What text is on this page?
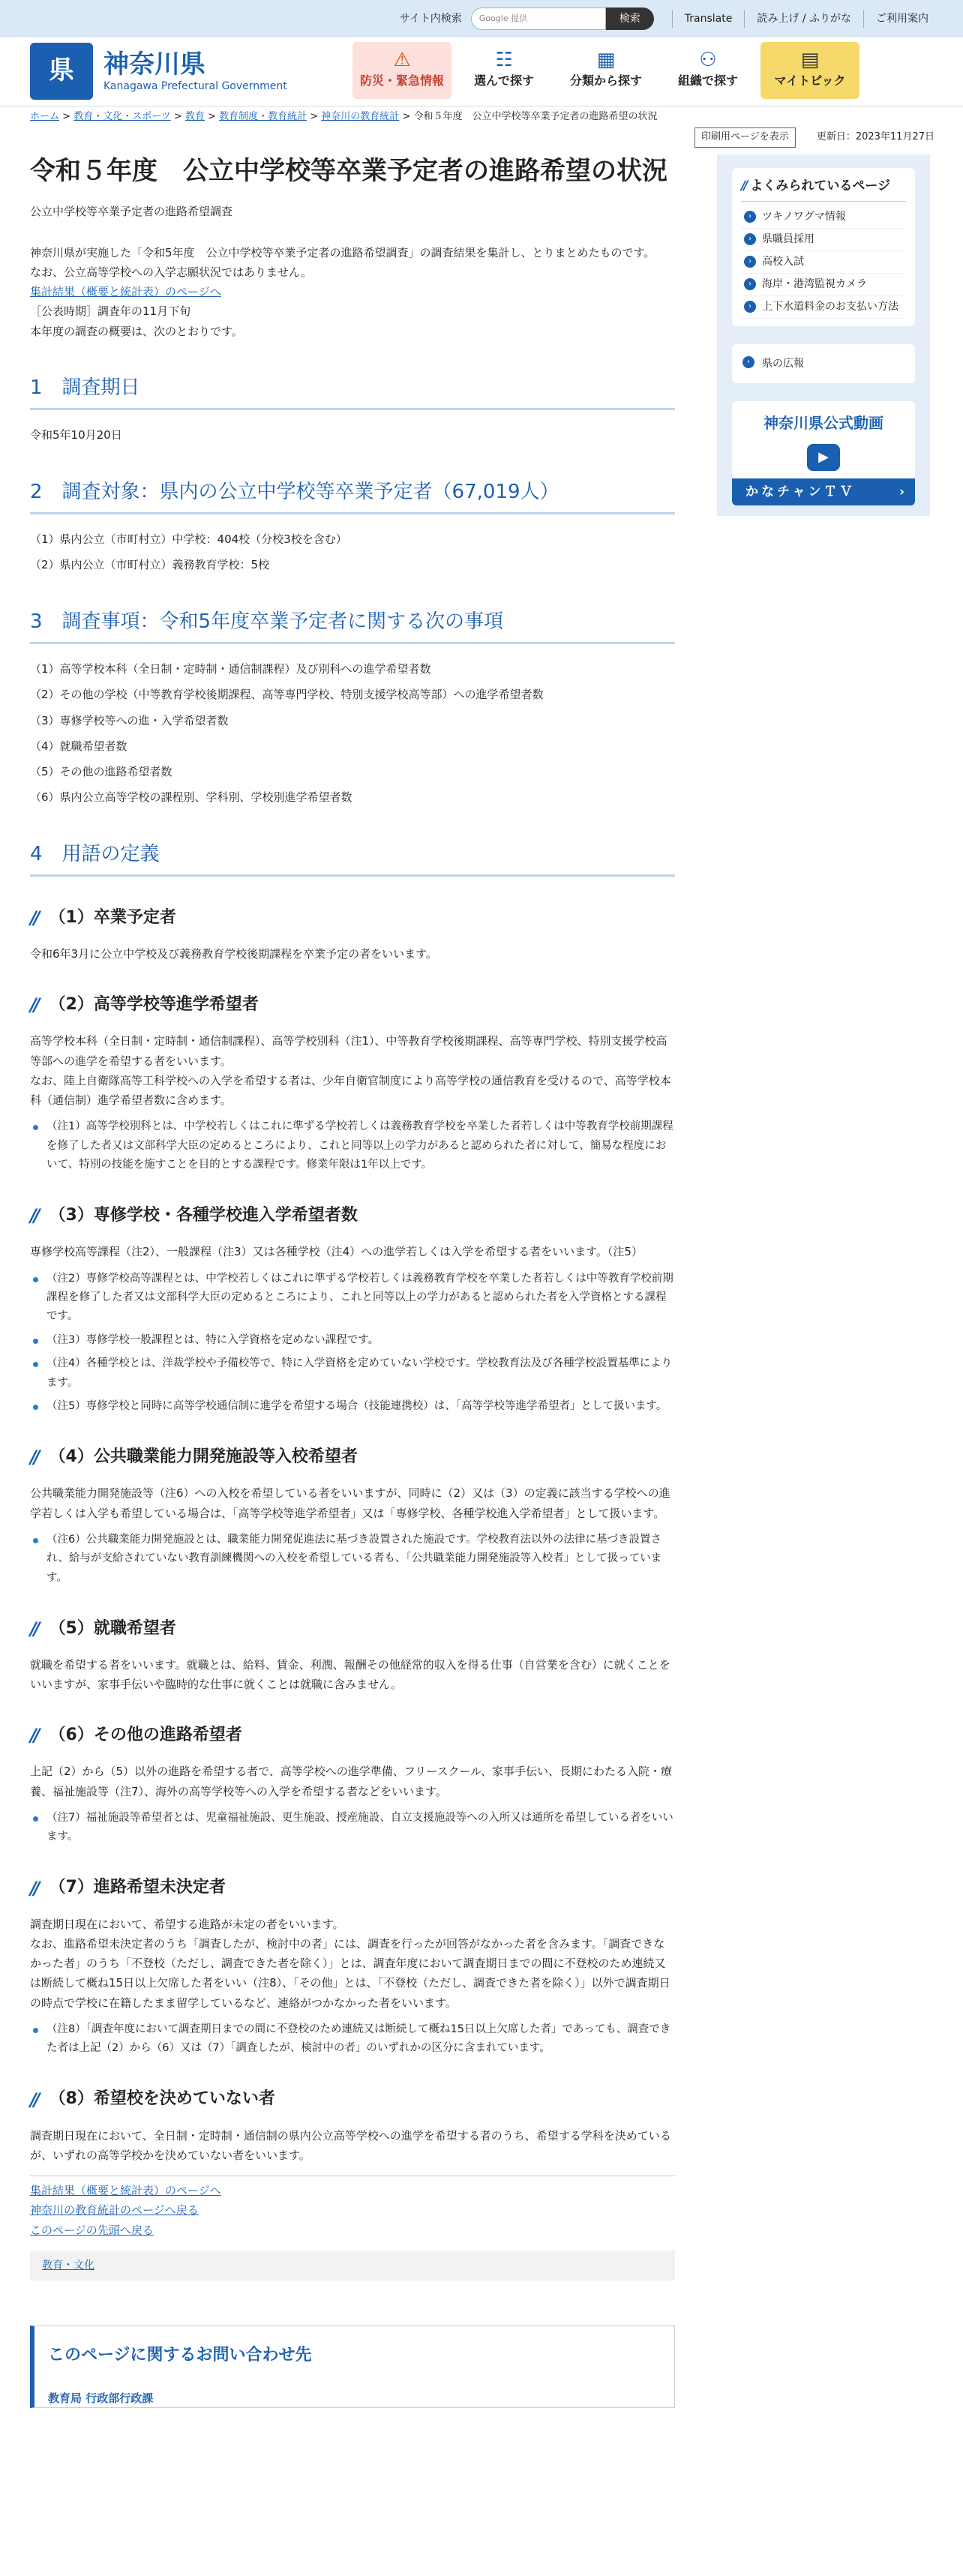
サイト内検索 Google 提供	検索	Translate	読み上げ / ふりがな	ご利用案内
県	神奈川県
Kanagawa Prefectural Government
⚠
防災・緊急情報
☷
選んで探す
▦
分類から探す
⚇
組織で探す
▤
マイトピック
ホーム > 教育・文化・スポーツ > 教育 > 教育制度・教育統計 > 神奈川の教育統計 > 令和５年度　公立中学校等卒業予定者の進路希望の状況
印刷用ページを表示	更新日：2023年11月27日
令和５年度　公立中学校等卒業予定者の進路希望の状況

公立中学校等卒業予定者の進路希望調査

神奈川県が実施した「令和5年度　公立中学校等卒業予定者の進路希望調査」の調査結果を集計し、とりまとめたものです。

なお、公立高等学校への入学志願状況ではありません。

集計結果（概要と統計表）のページへ

［公表時期］調査年の11月下旬

本年度の調査の概要は、次のとおりです。

1 調査期日

令和5年10月20日

2 調査対象：県内の公立中学校等卒業予定者（67,019人）
（1）県内公立（市町村立）中学校：404校（分校3校を含む）
（2）県内公立（市町村立）義務教育学校：5校
3 調査事項：令和5年度卒業予定者に関する次の事項
（1）高等学校本科（全日制・定時制・通信制課程）及び別科への進学希望者数
（2）その他の学校（中等教育学校後期課程、高等専門学校、特別支援学校高等部）への進学希望者数
（3）専修学校等への進・入学希望者数
（4）就職希望者数
（5）その他の進路希望者数
（6）県内公立高等学校の課程別、学科別、学校別進学希望者数
4 用語の定義
// （1）卒業予定者

令和6年3月に公立中学校及び義務教育学校後期課程を卒業予定の者をいいます。

// （2）高等学校等進学希望者

高等学校本科（全日制・定時制・通信制課程）、高等学校別科（注1）、中等教育学校後期課程、高等専門学校、特別支援学校高等部への進学を希望する者をいいます。

なお、陸上自衛隊高等工科学校への入学を希望する者は、少年自衛官制度により高等学校の通信教育を受けるので、高等学校本科（通信制）進学希望者数に含めます。

（注1）高等学校別科とは、中学校若しくはこれに準ずる学校若しくは義務教育学校を卒業した者若しくは中等教育学校前期課程を修了した者又は文部科学大臣の定めるところにより、これと同等以上の学力があると認められた者に対して、簡易な程度において、特別の技能を施すことを目的とする課程です。修業年限は1年以上です。
// （3）専修学校・各種学校進入学希望者数

専修学校高等課程（注2）、一般課程（注3）又は各種学校（注4）への進学若しくは入学を希望する者をいいます。（注5）

（注2）専修学校高等課程とは、中学校若しくはこれに準ずる学校若しくは義務教育学校を卒業した者若しくは中等教育学校前期課程を修了した者又は文部科学大臣の定めるところにより、これと同等以上の学力があると認められた者を入学資格とする課程です。
（注3）専修学校一般課程とは、特に入学資格を定めない課程です。
（注4）各種学校とは、洋裁学校や予備校等で、特に入学資格を定めていない学校です。学校教育法及び各種学校設置基準によります。
（注5）専修学校と同時に高等学校通信制に進学を希望する場合（技能連携校）は、「高等学校等進学希望者」として扱います。
// （4）公共職業能力開発施設等入校希望者

公共職業能力開発施設等（注6）への入校を希望している者をいいますが、同時に（2）又は（3）の定義に該当する学校への進学若しくは入学も希望している場合は、「高等学校等進学希望者」又は「専修学校、各種学校進入学希望者」として扱います。

（注6）公共職業能力開発施設とは、職業能力開発促進法に基づき設置された施設です。学校教育法以外の法律に基づき設置され、給与が支給されていない教育訓練機関への入校を希望している者も、「公共職業能力開発施設等入校者」として扱っています。
// （5）就職希望者

就職を希望する者をいいます。就職とは、給料、賃金、利潤、報酬その他経常的収入を得る仕事（自営業を含む）に就くことをいいますが、家事手伝いや臨時的な仕事に就くことは就職に含みません。

// （6）その他の進路希望者

上記（2）から（5）以外の進路を希望する者で、高等学校への進学準備、フリースクール、家事手伝い、長期にわたる入院・療養、福祉施設等（注7）、海外の高等学校等への入学を希望する者などをいいます。

（注7）福祉施設等希望者とは、児童福祉施設、更生施設、授産施設、自立支援施設等への入所又は通所を希望している者をいいます。
// （7）進路希望未決定者

調査期日現在において、希望する進路が未定の者をいいます。

なお、進路希望未決定者のうち「調査したが、検討中の者」には、調査を行ったが回答がなかった者を含みます。「調査できなかった者」のうち「不登校（ただし、調査できた者を除く）」とは、調査年度において調査期日までの間に不登校のため連続又は断続して概ね15日以上欠席した者をいい（注8）、「その他」とは、「不登校（ただし、調査できた者を除く）」以外で調査期日の時点で学校に在籍したまま留学しているなど、連絡がつかなかった者をいいます。

（注8）「調査年度において調査期日までの間に不登校のため連続又は断続して概ね15日以上欠席した者」であっても、調査できた者は上記（2）から（6）又は（7）「調査したが、検討中の者」のいずれかの区分に含まれています。
// （8）希望校を決めていない者

調査期日現在において、全日制・定時制・通信制の県内公立高等学校への進学を希望する者のうち、希望する学科を決めているが、いずれの高等学校かを決めていない者をいいます。

集計結果（概要と統計表）のページへ

神奈川の教育統計のページへ戻る

このページの先頭へ戻る

教育・文化
このページに関するお問い合わせ先
教育局 行政部行政課
// よくみられているページ
›	ツキノワグマ情報
›	県職員採用
›	高校入試
›	海岸・港湾監視カメラ
›	上下水道料金のお支払い方法
›	県の広報
神奈川県公式動画
▶
かなチャンＴＶ	›
